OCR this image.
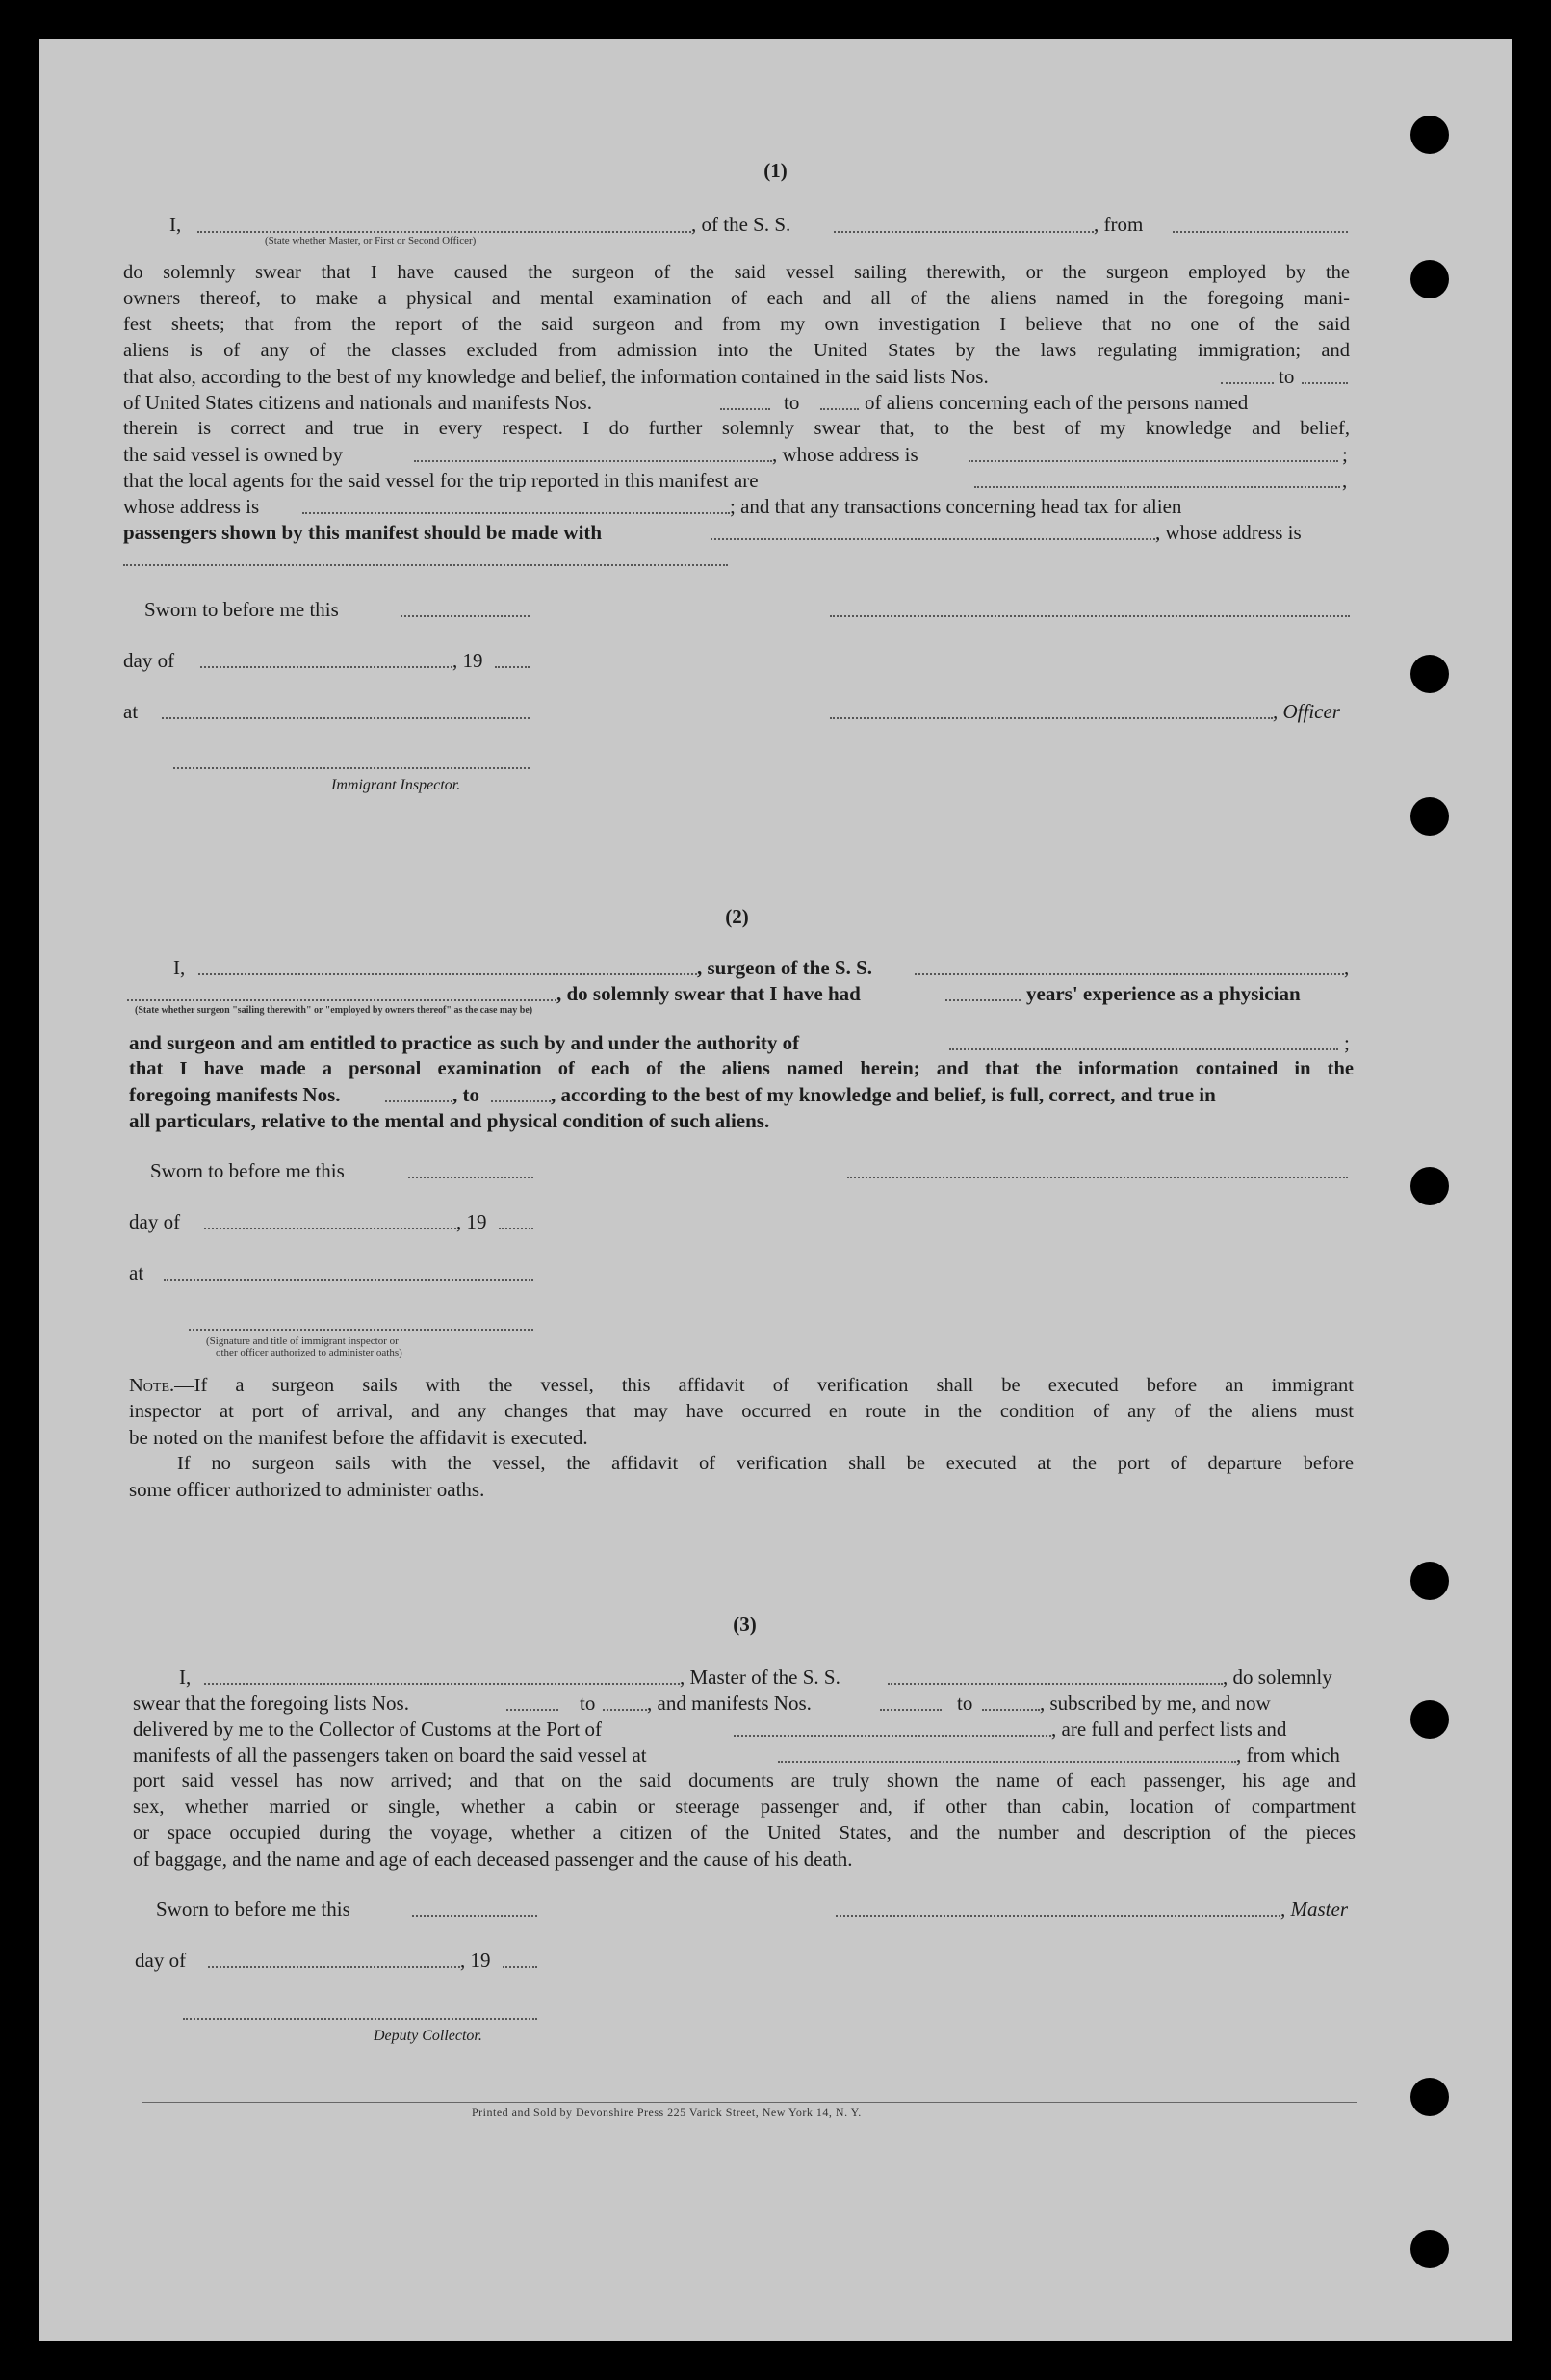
(1)
I,	, of the S. S.	, from
(State whether Master, or First or Second Officer)
do solemnly swear that I have caused the surgeon of the said vessel sailing therewith, or the surgeon employed by the
owners thereof, to make a physical and mental examination of each and all of the aliens named in the foregoing mani-
fest sheets; that from the report of the said surgeon and from my own investigation I believe that no one of the said
aliens is of any of the classes excluded from admission into the United States by the laws regulating immigration; and
that also, according to the best of my knowledge and belief, the information contained in the said lists Nos.	to
of United States citizens and nationals and manifests Nos.	to	of aliens concerning each of the persons named
therein is correct and true in every respect. I do further solemnly swear that, to the best of my knowledge and belief,
the said vessel is owned by	, whose address is	;
that the local agents for the said vessel for the trip reported in this manifest are	,
whose address is	; and that any transactions concerning head tax for alien
passengers shown by this manifest should be made with	, whose address is
Sworn to before me this
day of	, 19
at	, Officer
Immigrant Inspector.
(2)
I,	, surgeon of the S. S.	,
, do solemnly swear that I have had	years' experience as a physician
(State whether surgeon "sailing therewith" or "employed by owners thereof" as the case may be)
and surgeon and am entitled to practice as such by and under the authority of	;
that I have made a personal examination of each of the aliens named herein; and that the information contained in the
foregoing manifests Nos.	, to	, according to the best of my knowledge and belief, is full, correct, and true in
all particulars, relative to the mental and physical condition of such aliens.
Sworn to before me this
day of	, 19
at
(Signature and title of immigrant inspector or
other officer authorized to administer oaths)
Note.—If a surgeon sails with the vessel, this affidavit of verification shall be executed before an immigrant
inspector at port of arrival, and any changes that may have occurred en route in the condition of any of the aliens must
be noted on the manifest before the affidavit is executed.
If no surgeon sails with the vessel, the affidavit of verification shall be executed at the port of departure before
some officer authorized to administer oaths.
(3)
I,	, Master of the S. S.	, do solemnly
swear that the foregoing lists Nos.	to	, and manifests Nos.	to	, subscribed by me, and now
delivered by me to the Collector of Customs at the Port of	, are full and perfect lists and
manifests of all the passengers taken on board the said vessel at	, from which
port said vessel has now arrived; and that on the said documents are truly shown the name of each passenger, his age and
sex, whether married or single, whether a cabin or steerage passenger and, if other than cabin, location of compartment
or space occupied during the voyage, whether a citizen of the United States, and the number and description of the pieces
of baggage, and the name and age of each deceased passenger and the cause of his death.
Sworn to before me this	, Master
day of	, 19
Deputy Collector.
Printed and Sold by Devonshire Press 225 Varick Street, New York 14, N. Y.
